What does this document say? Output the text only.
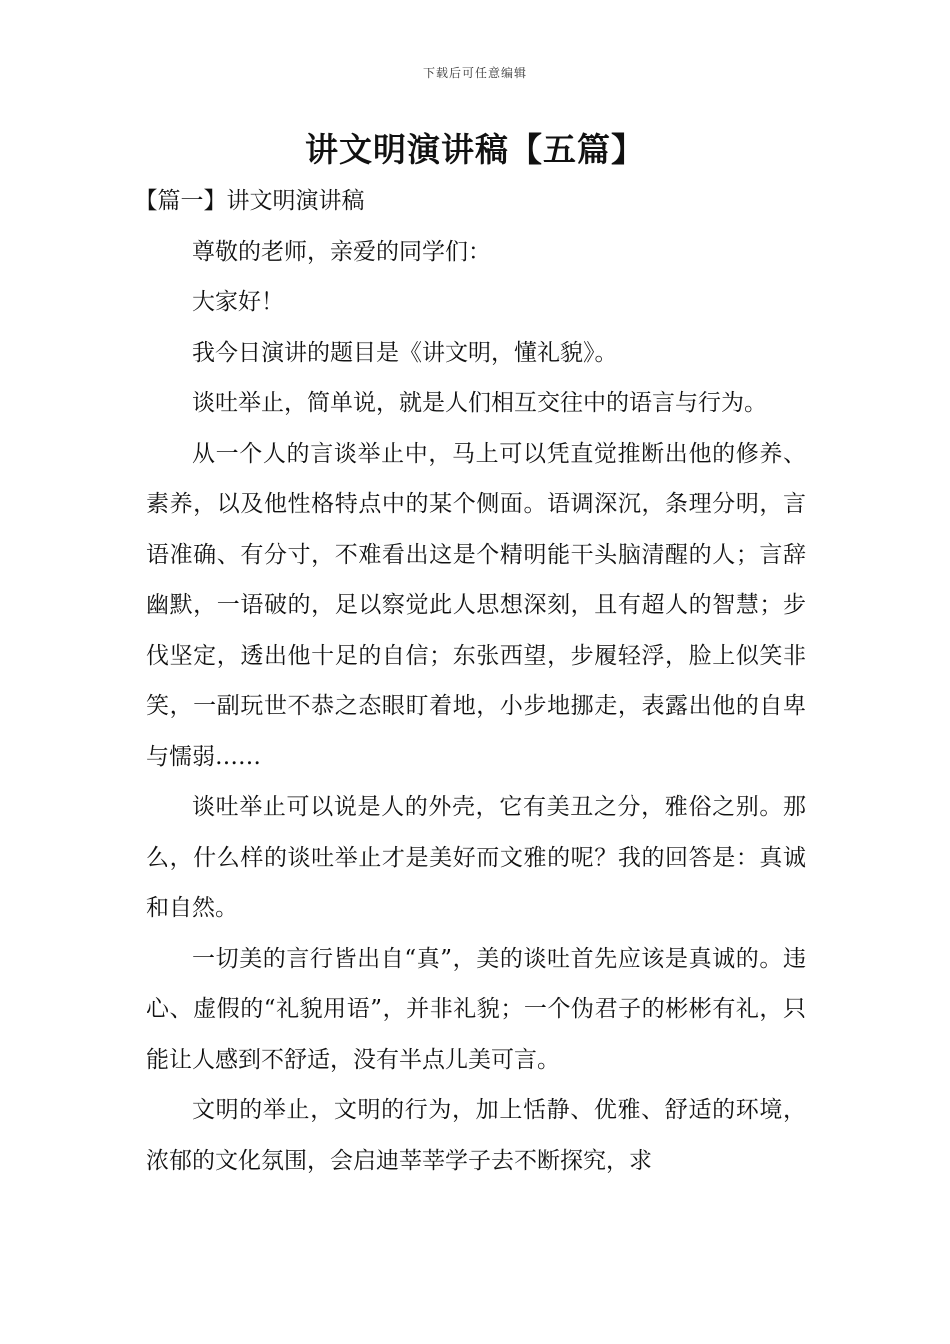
下载后可任意编辑
讲文明演讲稿【五篇】

【篇一】讲文明演讲稿

尊敬的老师，亲爱的同学们：

大家好！

我今日演讲的题目是《讲文明，懂礼貌》。

谈吐举止，简单说，就是人们相互交往中的语言与行为。

从一个人的言谈举止中，马上可以凭直觉推断出他的修养、素养，以及他性格特点中的某个侧面。语调深沉，条理分明，言语准确、有分寸，不难看出这是个精明能干头脑清醒的人；言辞幽默，一语破的，足以察觉此人思想深刻，且有超人的智慧；步伐坚定，透出他十足的自信；东张西望，步履轻浮，脸上似笑非笑，一副玩世不恭之态眼盯着地，小步地挪走，表露出他的自卑与懦弱……

谈吐举止可以说是人的外壳，它有美丑之分，雅俗之别。那么，什么样的谈吐举止才是美好而文雅的呢？我的回答是：真诚和自然。

一切美的言行皆出自“真”，美的谈吐首先应该是真诚的。违心、虚假的“礼貌用语”，并非礼貌；一个伪君子的彬彬有礼，只能让人感到不舒适，没有半点儿美可言。

文明的举止，文明的行为，加上恬静、优雅、舒适的环境，浓郁的文化氛围，会启迪莘莘学子去不断探究，求
